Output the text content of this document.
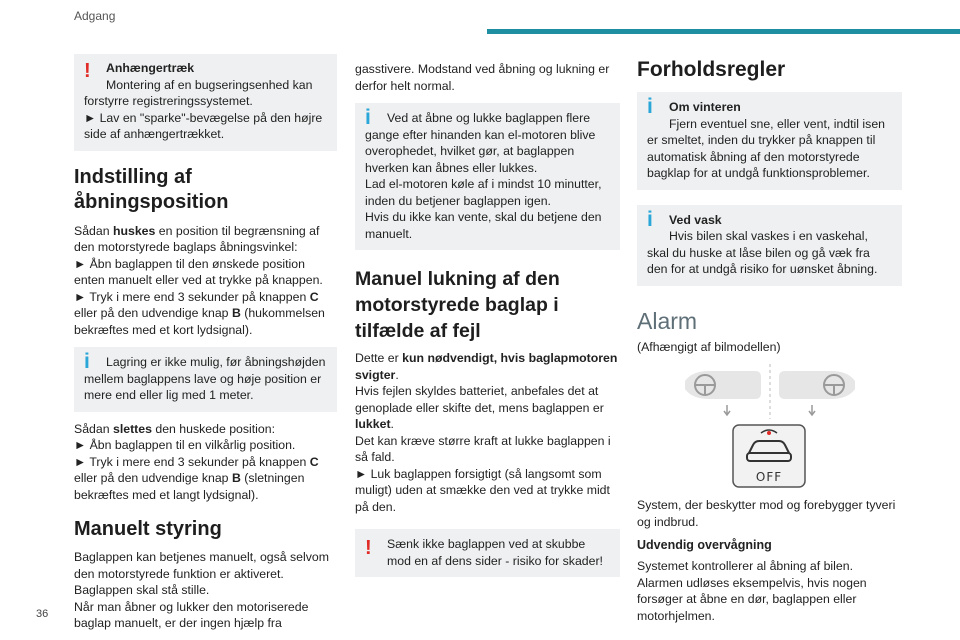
Adgang
36
!	Anhængertræk
Montering af en bugseringsenhed kan forstyrre registreringssystemet.
► Lav en "sparke"-bevægelse på den højre side af anhængertrækket.
Indstilling af åbningsposition

Sådan huskes en position til begrænsning af den motorstyrede baglaps åbningsvinkel:

► Åbn baglappen til den ønskede position enten manuelt eller ved at trykke på knappen.

► Tryk i mere end 3 sekunder på knappen C eller på den udvendige knap B (hukommelsen bekræftes med et kort lydsignal).

i	Lagring er ikke mulig, før åbningshøjden mellem baglappens lave og høje position er mere end eller lig med 1 meter.

Sådan slettes den huskede position:

► Åbn baglappen til en vilkårlig position.

► Tryk i mere end 3 sekunder på knappen C eller på den udvendige knap B (sletningen bekræftes med et langt lydsignal).

Manuelt styring

Baglappen kan betjenes manuelt, også selvom den motorstyrede funktion er aktiveret.

Baglappen skal stå stille.

Når man åbner og lukker den motoriserede baglap manuelt, er der ingen hjælp fra

gasstivere. Modstand ved åbning og lukning er derfor helt normal.

i	Ved at åbne og lukke baglappen flere gange efter hinanden kan el-motoren blive overophedet, hvilket gør, at baglappen hverken kan åbnes eller lukkes.

Lad el-motoren køle af i mindst 10 minutter, inden du betjener baglappen igen.

Hvis du ikke kan vente, skal du betjene den manuelt.

Manuel lukning af den motorstyrede baglap i tilfælde af fejl

Dette er kun nødvendigt, hvis baglapmotoren svigter.

Hvis fejlen skyldes batteriet, anbefales det at genoplade eller skifte det, mens baglappen er lukket.

Det kan kræve større kraft at lukke baglappen i så fald.

► Luk baglappen forsigtigt (så langsomt som muligt) uden at smække den ved at trykke midt på den.

!	Sænk ikke baglappen ved at skubbe mod en af dens sider - risiko for skader!

Forholdsregler
i	Om vinteren

Fjern eventuel sne, eller vent, indtil isen er smeltet, inden du trykker på knappen til automatisk åbning af den motorstyrede bagklap for at undgå funktionsproblemer.

i	Ved vask

Hvis bilen skal vaskes i en vaskehal, skal du huske at låse bilen og gå væk fra den for at undgå risiko for uønsket åbning.

Alarm

(Afhængigt af bilmodellen)

OFF

System, der beskytter mod og forebygger tyveri og indbrud.

Udvendig overvågning

Systemet kontrollerer al åbning af bilen.

Alarmen udløses eksempelvis, hvis nogen forsøger at åbne en dør, baglappen eller motorhjelmen.
